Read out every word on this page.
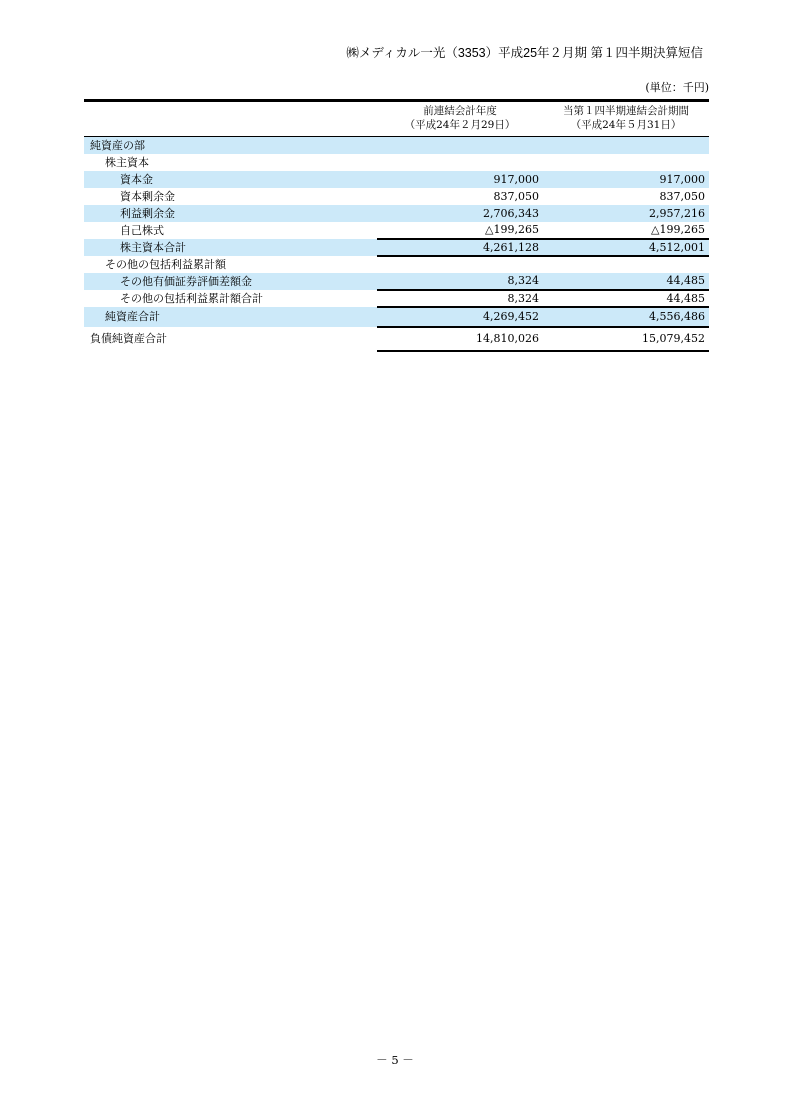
㈱メディカル一光（3353）平成25年２月期 第１四半期決算短信
(単位：千円)

前連結会計年度
（平成24年２月29日）

当第１四半期連結会計期間
（平成24年５月31日）

純資産の部		
株主資本		
資本金	917,000	917,000
資本剰余金	837,050	837,050
利益剰余金	2,706,343	2,957,216
自己株式	△199,265	△199,265
株主資本合計	4,261,128	4,512,001
その他の包括利益累計額		
その他有価証券評価差額金	8,324	44,485
その他の包括利益累計額合計	8,324	44,485
純資産合計	4,269,452	4,556,486
負債純資産合計	14,810,026	15,079,452
－ 5 －
